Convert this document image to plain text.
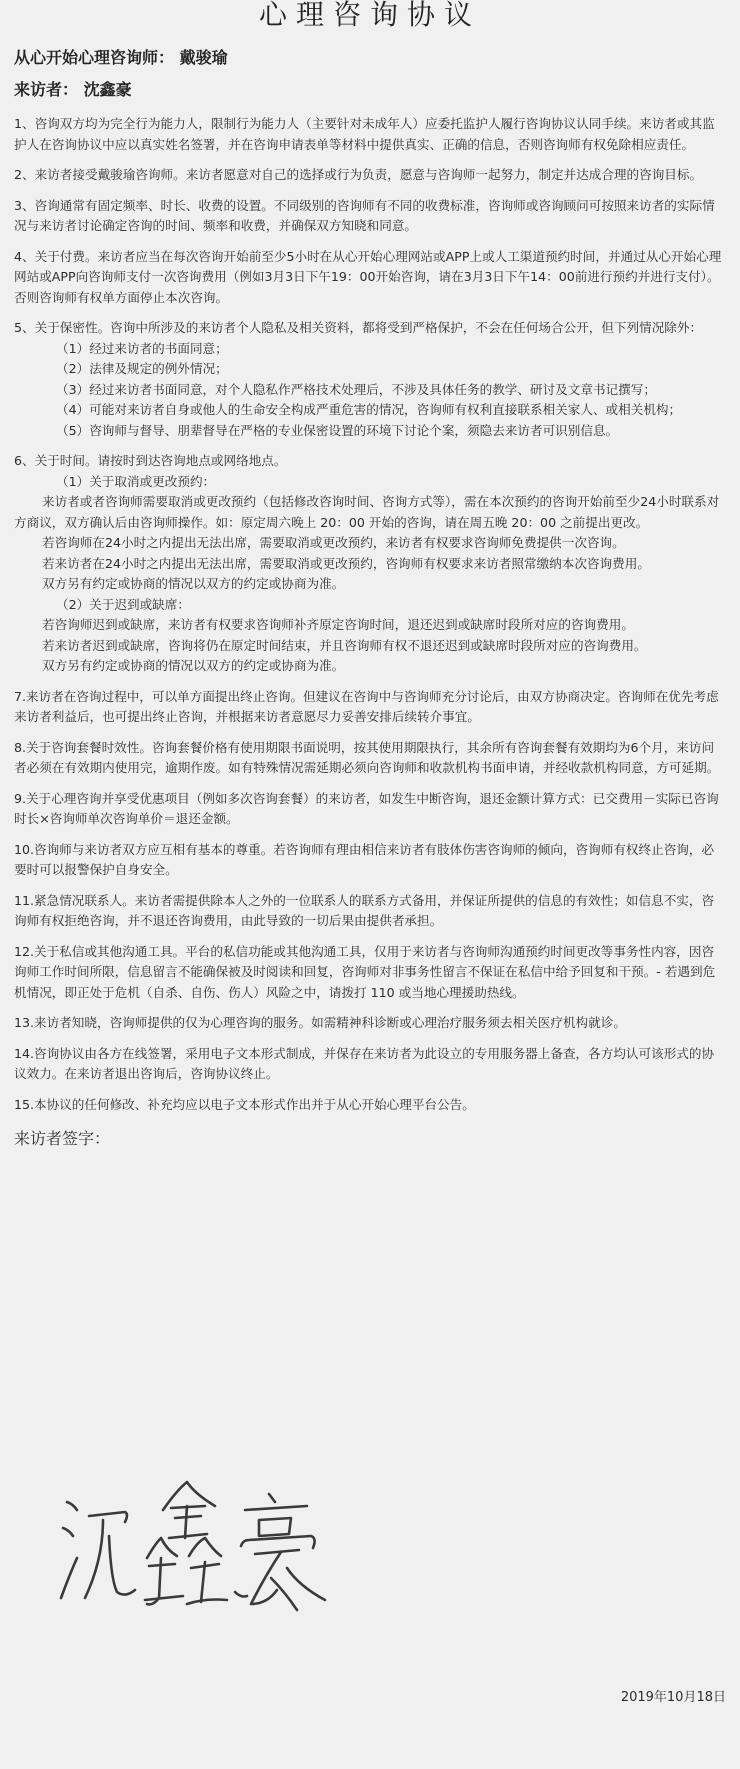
心理咨询协议

从心开始心理咨询师： 戴骏瑜

来访者： 沈鑫豪

1、咨询双方均为完全行为能力人，限制行为能力人（主要针对未成年人）应委托监护人履行咨询协议认同手续。来访者或其监护人在咨询协议中应以真实姓名签署，并在咨询申请表单等材料中提供真实、正确的信息，否则咨询师有权免除相应责任。

2、来访者接受戴骏瑜咨询师。来访者愿意对自己的选择或行为负责，愿意与咨询师一起努力，制定并达成合理的咨询目标。

3、咨询通常有固定频率、时长、收费的设置。不同级别的咨询师有不同的收费标准，咨询师或咨询顾问可按照来访者的实际情况与来访者讨论确定咨询的时间、频率和收费，并确保双方知晓和同意。

4、关于付费。来访者应当在每次咨询开始前至少5小时在从心开始心理网站或APP上或人工渠道预约时间，并通过从心开始心理网站或APP向咨询师支付一次咨询费用（例如3月3日下午19：00开始咨询，请在3月3日下午14：00前进行预约并进行支付）。否则咨询师有权单方面停止本次咨询。

5、关于保密性。咨询中所涉及的来访者个人隐私及相关资料，都将受到严格保护，不会在任何场合公开，但下列情况除外：

（1）经过来访者的书面同意；

（2）法律及规定的例外情况；

（3）经过来访者书面同意，对个人隐私作严格技术处理后，不涉及具体任务的教学、研讨及文章书记撰写；

（4）可能对来访者自身或他人的生命安全构成严重危害的情况，咨询师有权利直接联系相关家人、或相关机构；

（5）咨询师与督导、朋辈督导在严格的专业保密设置的环境下讨论个案，须隐去来访者可识别信息。

6、关于时间。请按时到达咨询地点或网络地点。

（1）关于取消或更改预约：

来访者或者咨询师需要取消或更改预约（包括修改咨询时间、咨询方式等），需在本次预约的咨询开始前至少24小时联系对方商议，双方确认后由咨询师操作。如：原定周六晚上 20：00 开始的咨询，请在周五晚 20：00 之前提出更改。

若咨询师在24小时之内提出无法出席，需要取消或更改预约，来访者有权要求咨询师免费提供一次咨询。

若来访者在24小时之内提出无法出席，需要取消或更改预约，咨询师有权要求来访者照常缴纳本次咨询费用。

双方另有约定或协商的情况以双方的约定或协商为准。

（2）关于迟到或缺席：

若咨询师迟到或缺席，来访者有权要求咨询师补齐原定咨询时间，退还迟到或缺席时段所对应的咨询费用。

若来访者迟到或缺席，咨询将仍在原定时间结束，并且咨询师有权不退还迟到或缺席时段所对应的咨询费用。

双方另有约定或协商的情况以双方的约定或协商为准。

7.来访者在咨询过程中，可以单方面提出终止咨询。但建议在咨询中与咨询师充分讨论后，由双方协商决定。咨询师在优先考虑来访者利益后，也可提出终止咨询，并根据来访者意愿尽力妥善安排后续转介事宜。

8.关于咨询套餐时效性。咨询套餐价格有使用期限书面说明，按其使用期限执行，其余所有咨询套餐有效期均为6个月，来访问者必须在有效期内使用完，逾期作废。如有特殊情况需延期必须向咨询师和收款机构书面申请，并经收款机构同意，方可延期。

9.关于心理咨询并享受优惠项目（例如多次咨询套餐）的来访者，如发生中断咨询，退还金额计算方式：已交费用－实际已咨询时长×咨询师单次咨询单价＝退还金额。

10.咨询师与来访者双方应互相有基本的尊重。若咨询师有理由相信来访者有肢体伤害咨询师的倾向，咨询师有权终止咨询，必要时可以报警保护自身安全。

11.紧急情况联系人。来访者需提供除本人之外的一位联系人的联系方式备用，并保证所提供的信息的有效性；如信息不实，咨询师有权拒绝咨询，并不退还咨询费用，由此导致的一切后果由提供者承担。

12.关于私信或其他沟通工具。平台的私信功能或其他沟通工具，仅用于来访者与咨询师沟通预约时间更改等事务性内容，因咨询师工作时间所限，信息留言不能确保被及时阅读和回复，咨询师对非事务性留言不保证在私信中给予回复和干预。- 若遇到危机情况，即正处于危机（自杀、自伤、伤人）风险之中，请拨打 110 或当地心理援助热线。

13.来访者知晓，咨询师提供的仅为心理咨询的服务。如需精神科诊断或心理治疗服务须去相关医疗机构就诊。

14.咨询协议由各方在线签署，采用电子文本形式制成，并保存在来访者为此设立的专用服务器上备查，各方均认可该形式的协议效力。在来访者退出咨询后，咨询协议终止。

15.本协议的任何修改、补充均应以电子文本形式作出并于从心开始心理平台公告。

来访者签字：
2019年10月18日
